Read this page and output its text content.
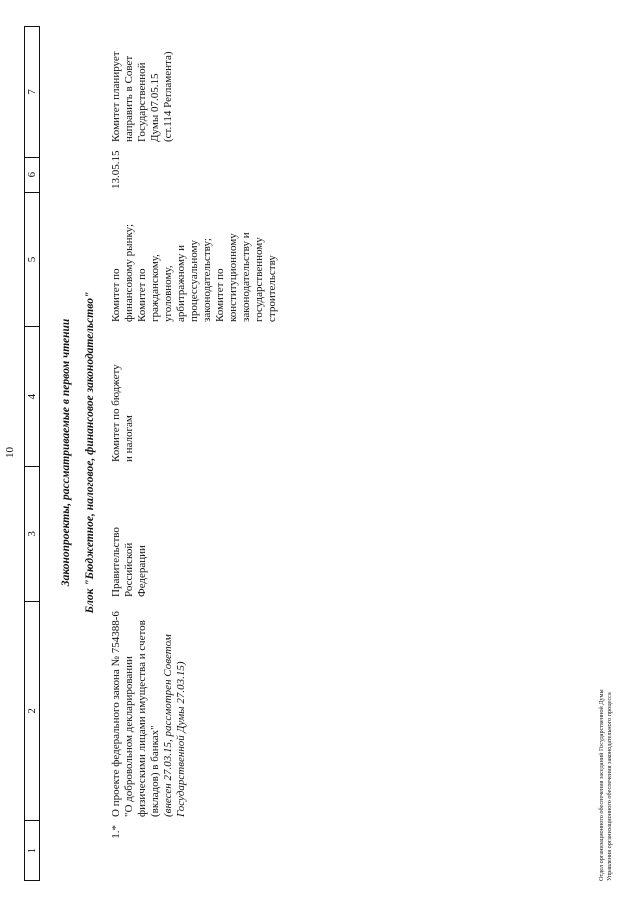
10
1
2
3
4
5
6
7
Законопроекты, рассматриваемые в первом чтении Блок "Бюджетное, налоговое, финансовое законодательство"
1.*
О проекте федерального закона № 754388-6 "О добровольном декларировании физическими лицами имущества и счетов (вкладов) в банках" (внесен 27.03.15, рассмотрен Советом Государственной Думы 27.03.15)
Правительство Российской Федерации
Комитет по бюджету и налогам
Комитет по финансовому рынку; Комитет по гражданскому, уголовному, арбитражному и процессуальному законодательству; Комитет по конституционному законодательству и государственному строительству
13.05.15
Комитет планирует направить в Совет Государственной Думы 07.05.15 (ст.114 Регламента)
Отдел организационного обеспечения заседаний Государственной Думы Управления организационного обеспечения законодательного процесса
